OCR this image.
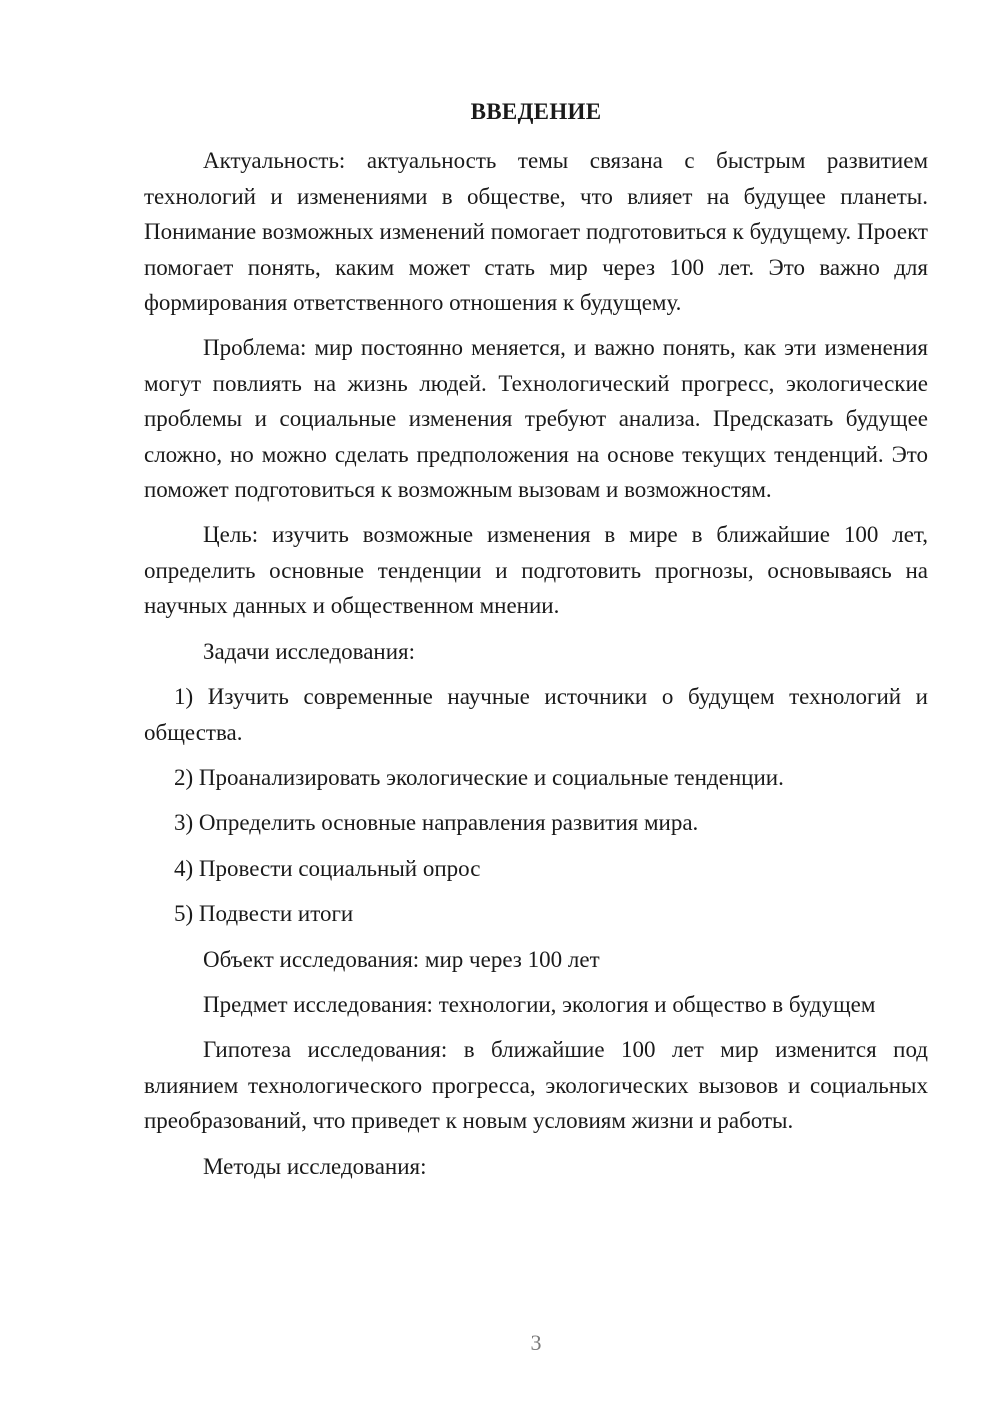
ВВЕДЕНИЕ

Актуальность: актуальность темы связана с быстрым развитием технологий и изменениями в обществе, что влияет на будущее планеты. Понимание возможных изменений помогает подготовиться к будущему. Проект помогает понять, каким может стать мир через 100 лет. Это важно для формирования ответственного отношения к будущему.

Проблема: мир постоянно меняется, и важно понять, как эти изменения могут повлиять на жизнь людей. Технологический прогресс, экологические проблемы и социальные изменения требуют анализа. Предсказать будущее сложно, но можно сделать предположения на основе текущих тенденций. Это поможет подготовиться к возможным вызовам и возможностям.

Цель: изучить возможные изменения в мире в ближайшие 100 лет, определить основные тенденции и подготовить прогнозы, основываясь на научных данных и общественном мнении.

Задачи исследования:

1) Изучить современные научные источники о будущем технологий и общества.

2) Проанализировать экологические и социальные тенденции.

3) Определить основные направления развития мира.

4) Провести социальный опрос

5) Подвести итоги

Объект исследования: мир через 100 лет

Предмет исследования: технологии, экология и общество в будущем

Гипотеза исследования: в ближайшие 100 лет мир изменится под влиянием технологического прогресса, экологических вызовов и социальных преобразований, что приведет к новым условиям жизни и работы.

Методы исследования:

3
